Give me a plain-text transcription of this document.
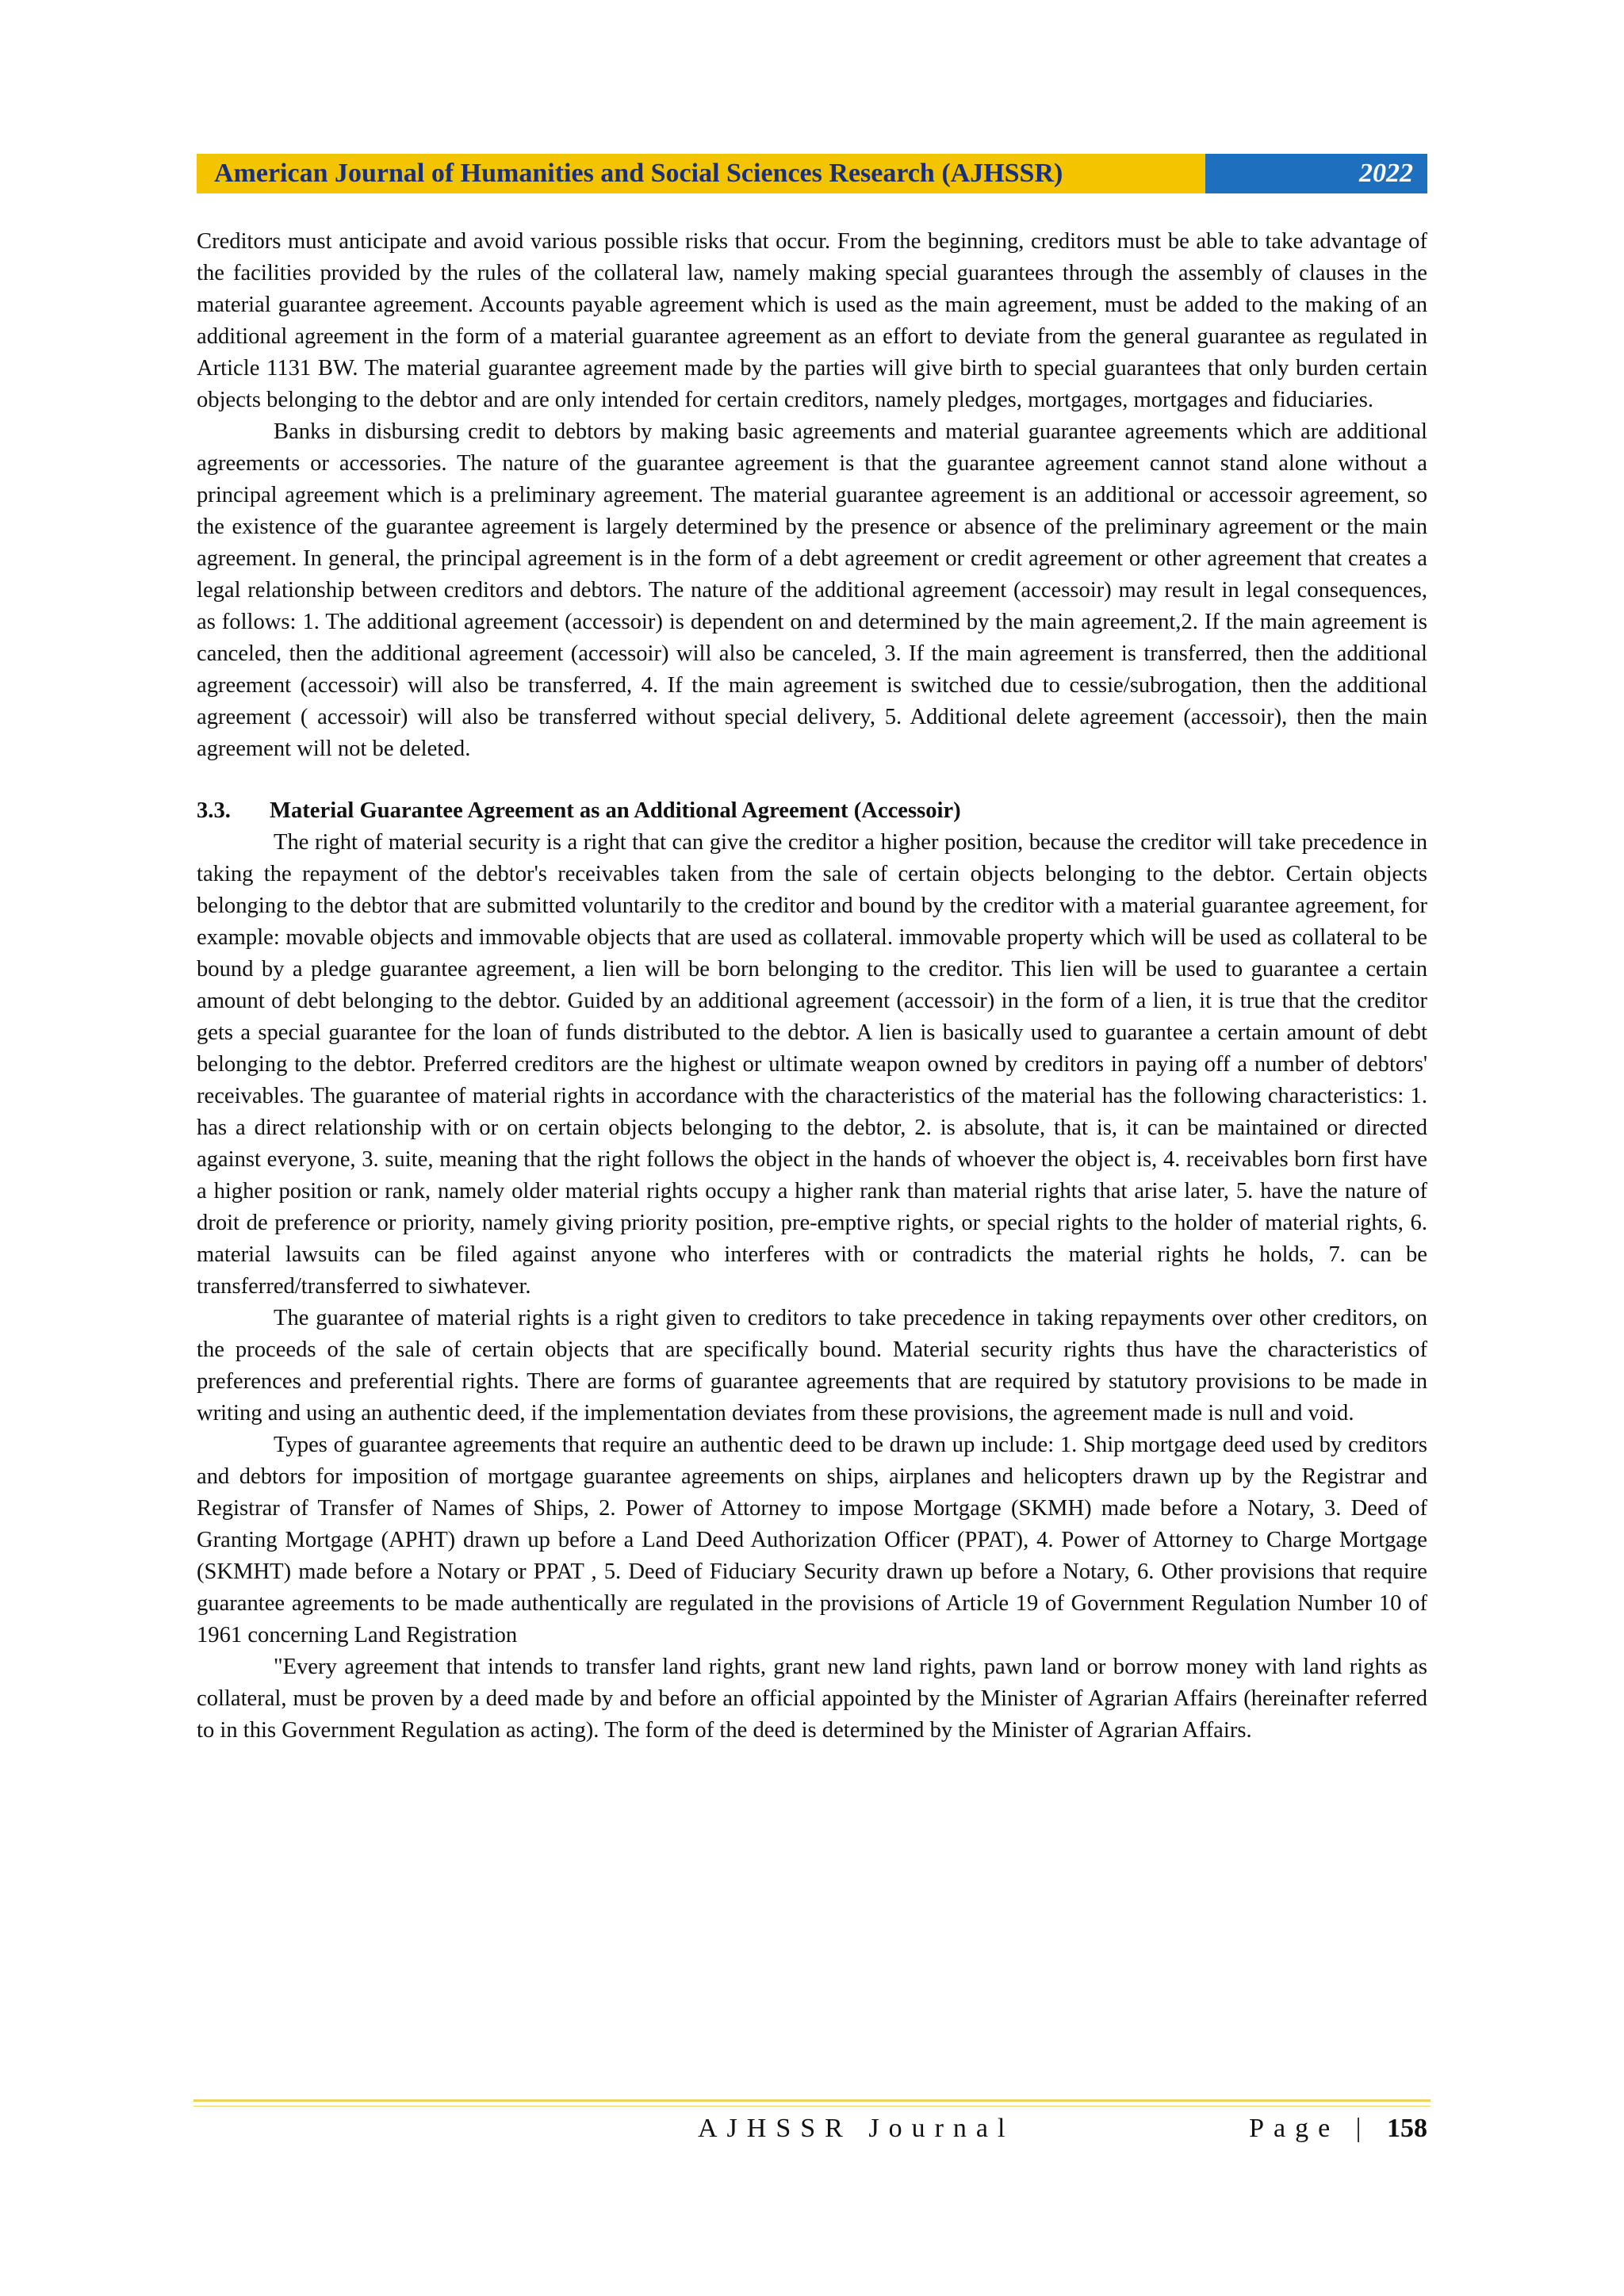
American Journal of Humanities and Social Sciences Research (AJHSSR)	2022

Creditors must anticipate and avoid various possible risks that occur. From the beginning, creditors must be able to take advantage of the facilities provided by the rules of the collateral law, namely making special guarantees through the assembly of clauses in the material guarantee agreement. Accounts payable agreement which is used as the main agreement, must be added to the making of an additional agreement in the form of a material guarantee agreement as an effort to deviate from the general guarantee as regulated in Article 1131 BW. The material guarantee agreement made by the parties will give birth to special guarantees that only burden certain objects belonging to the debtor and are only intended for certain creditors, namely pledges, mortgages, mortgages and fiduciaries.

Banks in disbursing credit to debtors by making basic agreements and material guarantee agreements which are additional agreements or accessories. The nature of the guarantee agreement is that the guarantee agreement cannot stand alone without a principal agreement which is a preliminary agreement. The material guarantee agreement is an additional or accessoir agreement, so the existence of the guarantee agreement is largely determined by the presence or absence of the preliminary agreement or the main agreement. In general, the principal agreement is in the form of a debt agreement or credit agreement or other agreement that creates a legal relationship between creditors and debtors. The nature of the additional agreement (accessoir) may result in legal consequences, as follows: 1. The additional agreement (accessoir) is dependent on and determined by the main agreement,2. If the main agreement is canceled, then the additional agreement (accessoir) will also be canceled, 3. If the main agreement is transferred, then the additional agreement (accessoir) will also be transferred, 4. If the main agreement is switched due to cessie/subrogation, then the additional agreement ( accessoir) will also be transferred without special delivery, 5. Additional delete agreement (accessoir), then the main agreement will not be deleted.

3.3. Material Guarantee Agreement as an Additional Agreement (Accessoir)

The right of material security is a right that can give the creditor a higher position, because the creditor will take precedence in taking the repayment of the debtor's receivables taken from the sale of certain objects belonging to the debtor. Certain objects belonging to the debtor that are submitted voluntarily to the creditor and bound by the creditor with a material guarantee agreement, for example: movable objects and immovable objects that are used as collateral. immovable property which will be used as collateral to be bound by a pledge guarantee agreement, a lien will be born belonging to the creditor. This lien will be used to guarantee a certain amount of debt belonging to the debtor. Guided by an additional agreement (accessoir) in the form of a lien, it is true that the creditor gets a special guarantee for the loan of funds distributed to the debtor. A lien is basically used to guarantee a certain amount of debt belonging to the debtor. Preferred creditors are the highest or ultimate weapon owned by creditors in paying off a number of debtors' receivables. The guarantee of material rights in accordance with the characteristics of the material has the following characteristics: 1. has a direct relationship with or on certain objects belonging to the debtor, 2. is absolute, that is, it can be maintained or directed against everyone, 3. suite, meaning that the right follows the object in the hands of whoever the object is, 4. receivables born first have a higher position or rank, namely older material rights occupy a higher rank than material rights that arise later, 5. have the nature of droit de preference or priority, namely giving priority position, pre-emptive rights, or special rights to the holder of material rights, 6. material lawsuits can be filed against anyone who interferes with or contradicts the material rights he holds, 7. can be transferred/transferred to siwhatever.

The guarantee of material rights is a right given to creditors to take precedence in taking repayments over other creditors, on the proceeds of the sale of certain objects that are specifically bound. Material security rights thus have the characteristics of preferences and preferential rights. There are forms of guarantee agreements that are required by statutory provisions to be made in writing and using an authentic deed, if the implementation deviates from these provisions, the agreement made is null and void.

Types of guarantee agreements that require an authentic deed to be drawn up include: 1. Ship mortgage deed used by creditors and debtors for imposition of mortgage guarantee agreements on ships, airplanes and helicopters drawn up by the Registrar and Registrar of Transfer of Names of Ships, 2. Power of Attorney to impose Mortgage (SKMH) made before a Notary, 3. Deed of Granting Mortgage (APHT) drawn up before a Land Deed Authorization Officer (PPAT), 4. Power of Attorney to Charge Mortgage (SKMHT) made before a Notary or PPAT , 5. Deed of Fiduciary Security drawn up before a Notary, 6. Other provisions that require guarantee agreements to be made authentically are regulated in the provisions of Article 19 of Government Regulation Number 10 of 1961 concerning Land Registration

"Every agreement that intends to transfer land rights, grant new land rights, pawn land or borrow money with land rights as collateral, must be proven by a deed made by and before an official appointed by the Minister of Agrarian Affairs (hereinafter referred to in this Government Regulation as acting). The form of the deed is determined by the Minister of Agrarian Affairs.

AJHSSR Journal	Page | 158
